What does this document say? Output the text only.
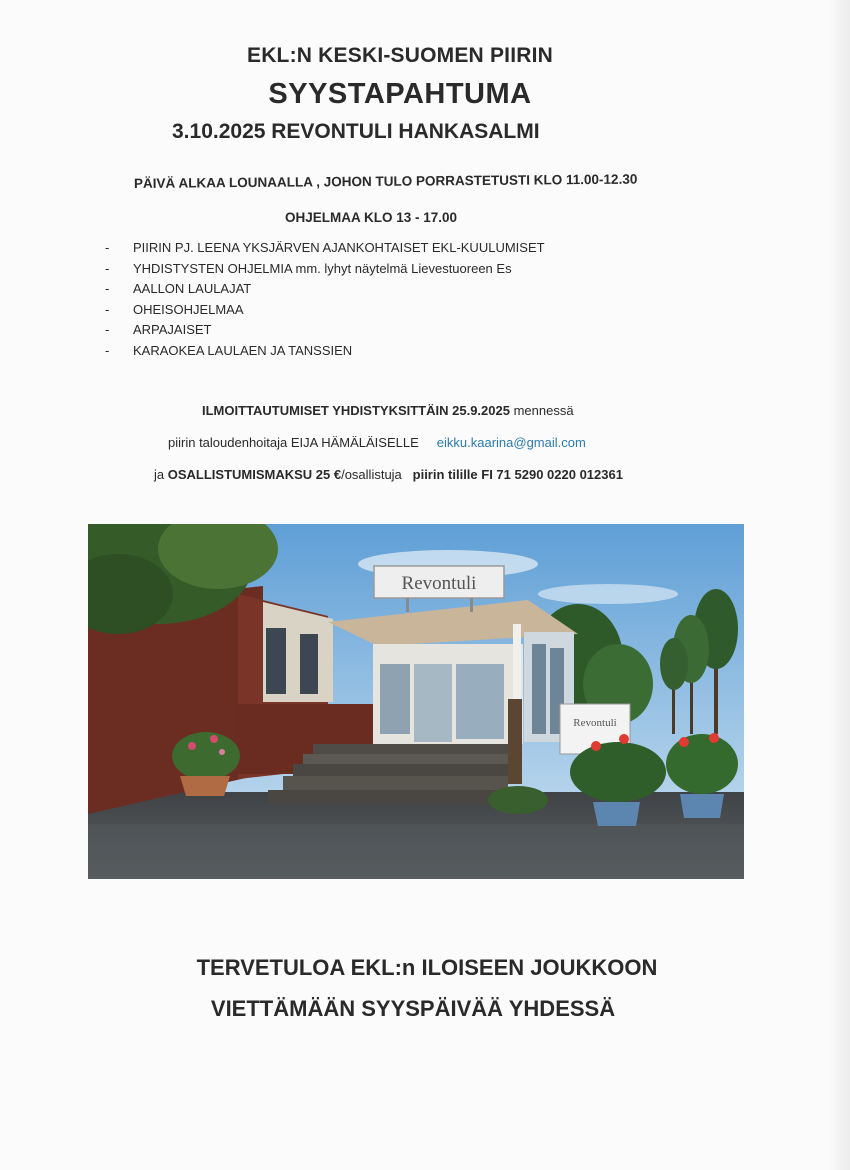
EKL:N KESKI-SUOMEN PIIRIN
SYYSTAPAHTUMA
3.10.2025 REVONTULI HANKASALMI
PÄIVÄ ALKAA LOUNAALLA , JOHON TULO PORRASTETUSTI KLO 11.00-12.30
OHJELMAA KLO 13 - 17.00
- PIIRIN PJ. LEENA YKSJÄRVEN AJANKOHTAISET EKL-KUULUMISET
- YHDISTYSTEN OHJELMIA mm. lyhyt näytelmä Lievestuoreen Es
- AALLON LAULAJAT
- OHEISOHJELMAA
- ARPAJAISET
- KARAOKEA LAULAEN JA TANSSIEN
ILMOITTAUTUMISET YHDISTYKSITTÄIN 25.9.2025 mennessä
piirin taloudenhoitaja EIJA HÄMÄLÄISELLE eikku.kaarina@gmail.com
ja OSALLISTUMISMAKSU 25 €/osallistuja piirin tilille FI 71 5290 0220 012361
Revontuli
Revontuli
TERVETULOA EKL:n ILOISEEN JOUKKOON
VIETTÄMÄÄN SYYSPÄIVÄÄ YHDESSÄ
